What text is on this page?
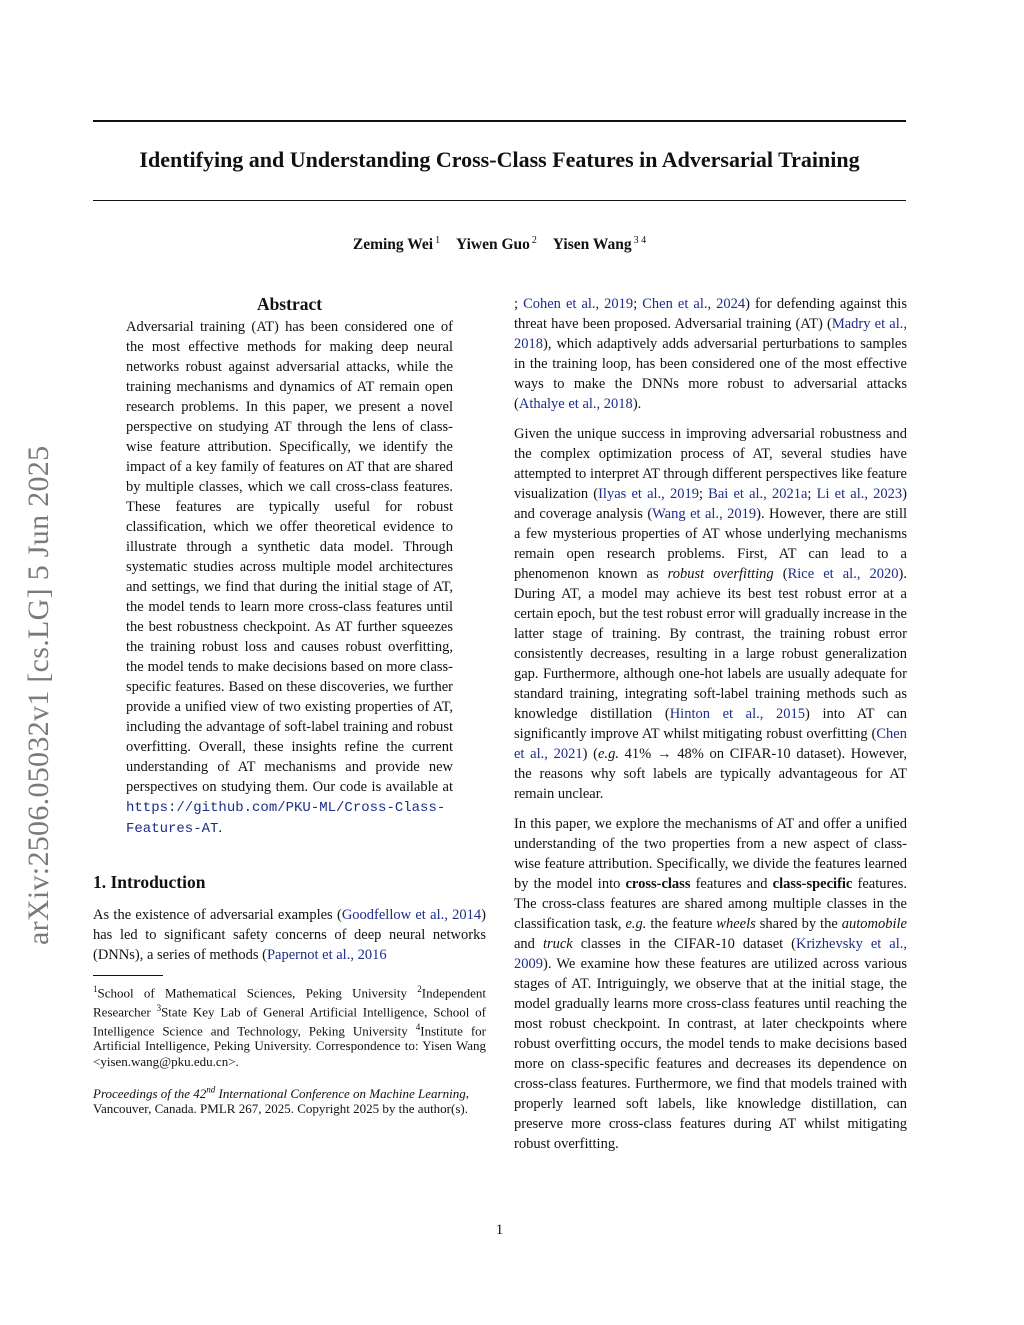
arXiv:2506.05032v1 [cs.LG] 5 Jun 2025
Identifying and Understanding Cross-Class Features in Adversarial Training

Zeming Wei $^1$ Yiwen Guo $^2$ Yisen Wang $^{3 4}$

Abstract

Adversarial training (AT) has been considered one of the most effective methods for making deep neural networks robust against adversarial attacks, while the training mechanisms and dynamics of AT remain open research problems. In this paper, we present a novel perspective on studying AT through the lens of class-wise feature attribution. Specifically, we identify the impact of a key family of features on AT that are shared by multiple classes, which we call cross-class features. These features are typically useful for robust classification, which we offer theoretical evidence to illustrate through a synthetic data model. Through systematic studies across multiple model architectures and settings, we find that during the initial stage of AT, the model tends to learn more cross-class features until the best robustness checkpoint. As AT further squeezes the training robust loss and causes robust overfitting, the model tends to make decisions based on more class-specific features. Based on these discoveries, we further provide a unified view of two existing properties of AT, including the advantage of soft-label training and robust overfitting. Overall, these insights refine the current understanding of AT mechanisms and provide new perspectives on studying them. Our code is available at https://github.com/PKU-ML/Cross-Class-Features-AT.

1. Introduction

As the existence of adversarial examples (Goodfellow et al., 2014) has led to significant safety concerns of deep neural networks (DNNs), a series of methods (Papernot et al., 2016

$^1$School of Mathematical Sciences, Peking University $^2$Independent Researcher $^3$State Key Lab of General Artificial Intelligence, School of Intelligence Science and Technology, Peking University $^4$Institute for Artificial Intelligence, Peking University. Correspondence to: Yisen Wang <yisen.wang@pku.edu.cn>.

Proceedings of the 42nd International Conference on Machine Learning, Vancouver, Canada. PMLR 267, 2025. Copyright 2025 by the author(s).

; Cohen et al., 2019; Chen et al., 2024) for defending against this threat have been proposed. Adversarial training (AT) (Madry et al., 2018), which adaptively adds adversarial perturbations to samples in the training loop, has been considered one of the most effective ways to make the DNNs more robust to adversarial attacks (Athalye et al., 2018).

Given the unique success in improving adversarial robustness and the complex optimization process of AT, several studies have attempted to interpret AT through different perspectives like feature visualization (Ilyas et al., 2019; Bai et al., 2021a; Li et al., 2023) and coverage analysis (Wang et al., 2019). However, there are still a few mysterious properties of AT whose underlying mechanisms remain open research problems. First, AT can lead to a phenomenon known as robust overfitting (Rice et al., 2020). During AT, a model may achieve its best test robust error at a certain epoch, but the test robust error will gradually increase in the latter stage of training. By contrast, the training robust error consistently decreases, resulting in a large robust generalization gap. Furthermore, although one-hot labels are usually adequate for standard training, integrating soft-label training methods such as knowledge distillation (Hinton et al., 2015) into AT can significantly improve AT whilst mitigating robust overfitting (Chen et al., 2021) (e.g. 41% → 48% on CIFAR-10 dataset). However, the reasons why soft labels are typically advantageous for AT remain unclear.

In this paper, we explore the mechanisms of AT and offer a unified understanding of the two properties from a new aspect of class-wise feature attribution. Specifically, we divide the features learned by the model into cross-class features and class-specific features. The cross-class features are shared among multiple classes in the classification task, e.g. the feature wheels shared by the automobile and truck classes in the CIFAR-10 dataset (Krizhevsky et al., 2009). We examine how these features are utilized across various stages of AT. Intriguingly, we observe that at the initial stage, the model gradually learns more cross-class features until reaching the most robust checkpoint. In contrast, at later checkpoints where robust overfitting occurs, the model tends to make decisions based more on class-specific features and decreases its dependence on cross-class features. Furthermore, we find that models trained with properly learned soft labels, like knowledge distillation, can preserve more cross-class features during AT whilst mitigating robust overfitting.

1
